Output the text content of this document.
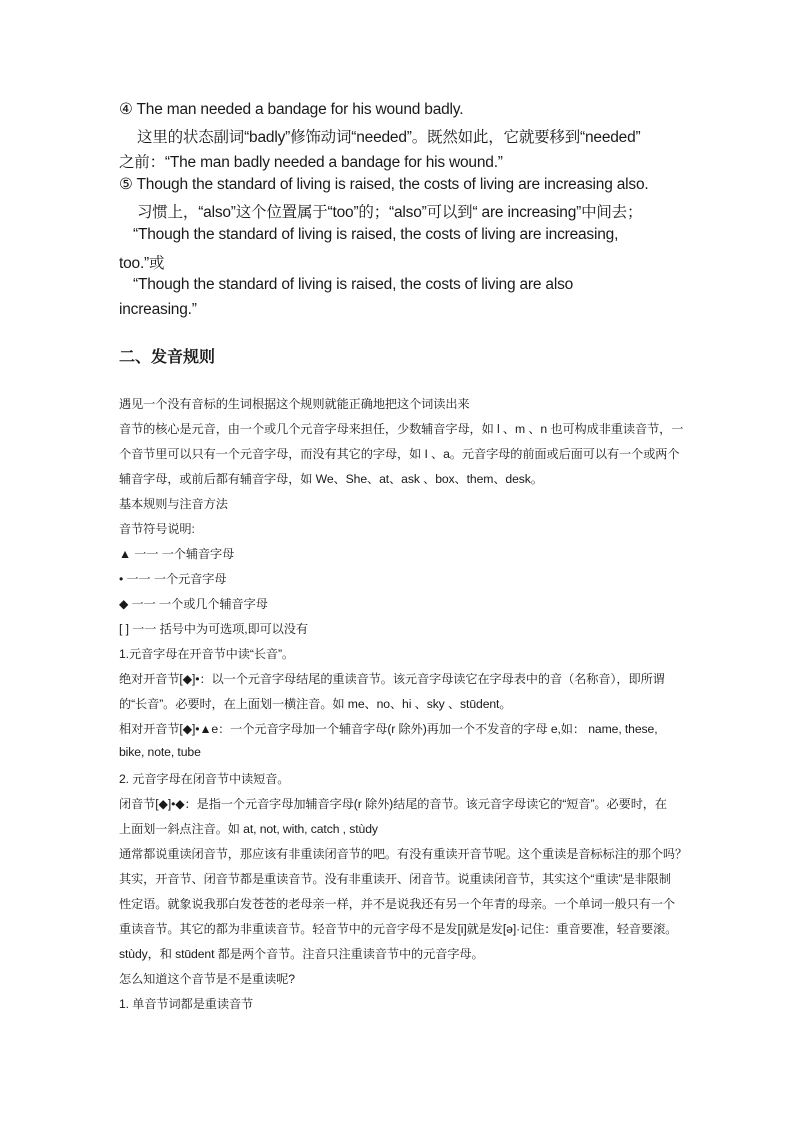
④ The man needed a bandage for his wound badly.

这里的状态副词“badly”修饰动词“needed”。既然如此，它就要移到“needed”

之前：“The man badly needed a bandage for his wound.”

⑤ Though the standard of living is raised, the costs of living are increasing also.

习惯上，“also”这个位置属于“too”的；“also”可以到“ are increasing”中间去；

“Though the standard of living is raised, the costs of living are increasing,

too.”或

“Though the standard of living is raised, the costs of living are also

increasing.”

二、发音规则

遇见一个没有音标的生词根据这个规则就能正确地把这个词读出来

音节的核心是元音，由一个或几个元音字母来担任，少数辅音字母，如 l 、m 、n 也可构成非重读音节，一

个音节里可以只有一个元音字母，而没有其它的字母，如 I 、a。元音字母的前面或后面可以有一个或两个

辅音字母，或前后都有辅音字母，如 We、She、at、ask 、box、them、desk。

基本规则与注音方法

音节符号说明:

▲ 一一 一个辅音字母

• 一一 一个元音字母

◆ 一一 一个或几个辅音字母

[ ] 一一 括号中为可选项,即可以没有

1.元音字母在开音节中读“长音”。

绝对开音节[◆]•：以一个元音字母结尾的重读音节。该元音字母读它在字母表中的音（名称音），即所谓

的“长音”。必要时，在上面划一横注音。如 me、no、hi 、sky 、stūdent。

相对开音节[◆]•▲e：一个元音字母加一个辅音字母(r 除外)再加一个不发音的字母 e,如： name, these,

bike, note, tube

2. 元音字母在闭音节中读短音。

闭音节[◆]•◆：是指一个元音字母加辅音字母(r 除外)结尾的音节。该元音字母读它的“短音”。必要时，在

上面划一斜点注音。如 at, not, with, catch , stùdy

通常都说重读闭音节，那应该有非重读闭音节的吧。有没有重读开音节呢。这个重读是音标标注的那个吗？

其实，开音节、闭音节都是重读音节。没有非重读开、闭音节。说重读闭音节，其实这个“重读”是非限制

性定语。就象说我那白发苍苍的老母亲一样，并不是说我还有另一个年青的母亲。一个单词一般只有一个

重读音节。其它的都为非重读音节。轻音节中的元音字母不是发[i]就是发[ә]·记住：重音要准，轻音要滚。

stùdy，和 stūdent 都是两个音节。注音只注重读音节中的元音字母。

怎么知道这个音节是不是重读呢?

1. 单音节词都是重读音节
